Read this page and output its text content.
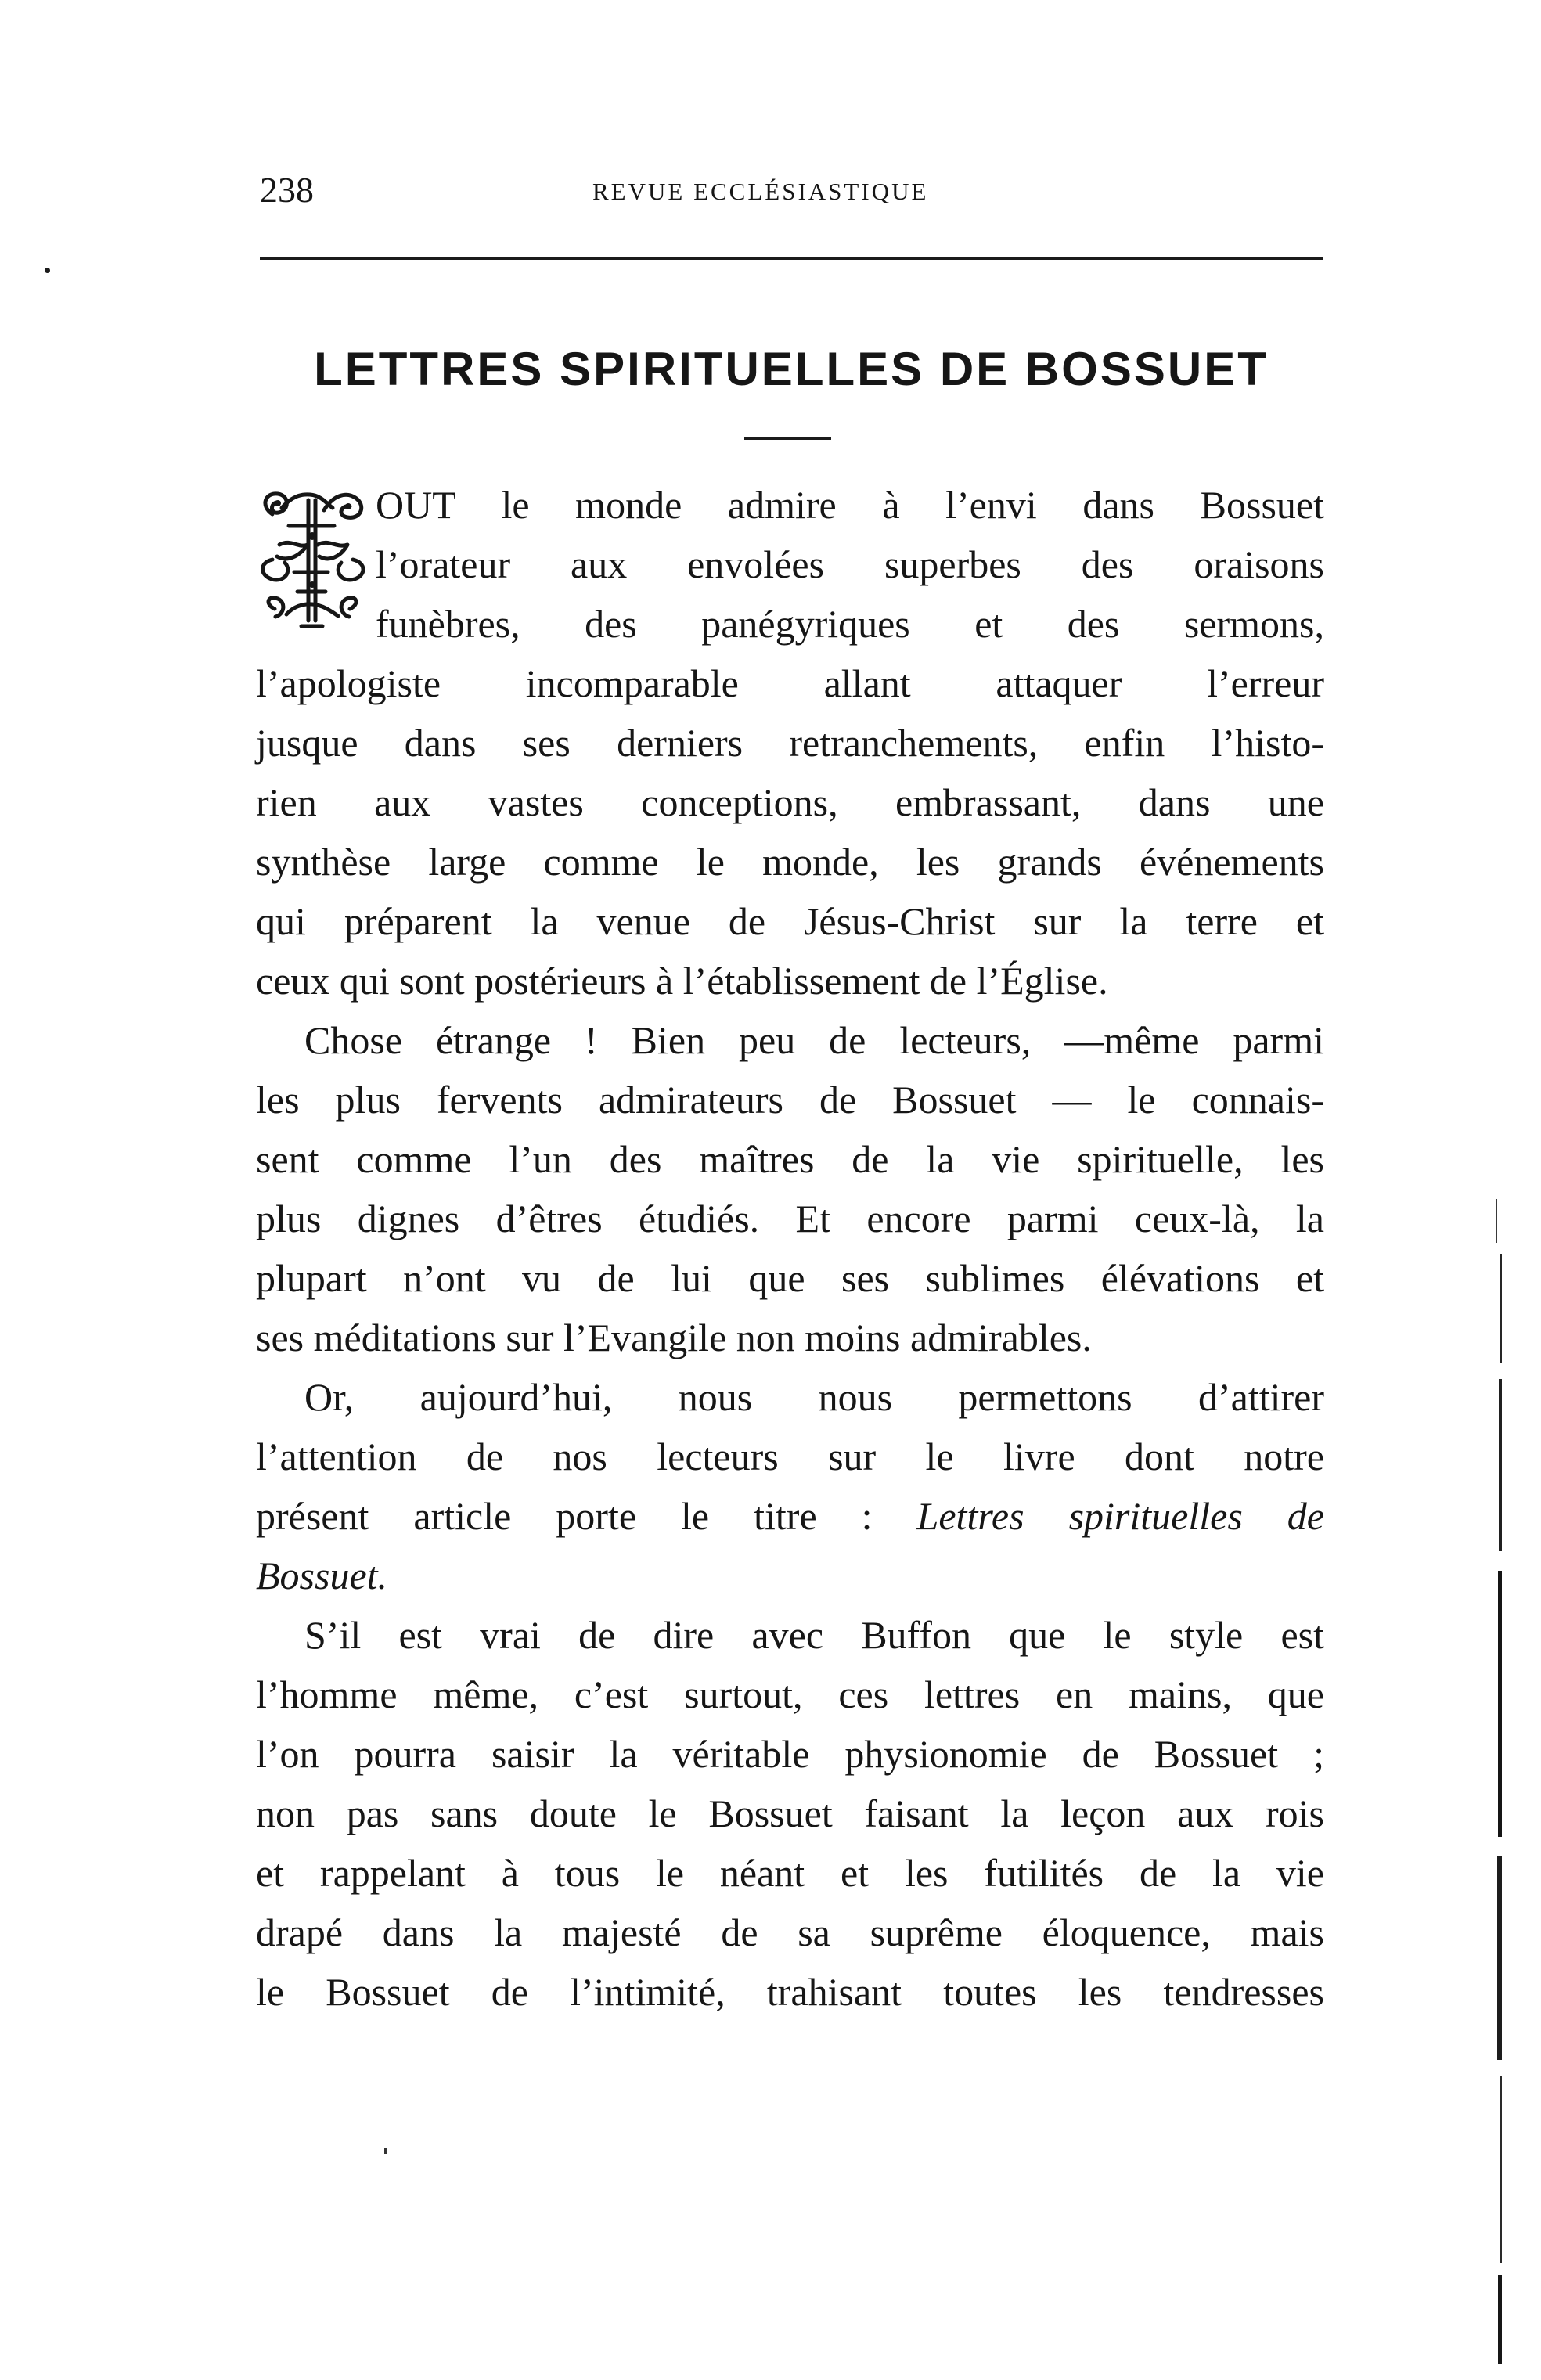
238	REVUE ECCLÉSIASTIQUE
LETTRES SPIRITUELLES DE BOSSUET
OUT le monde admire à l’envi dans Bossuet
l’orateur aux envolées superbes des oraisons
funèbres, des panégyriques et des sermons,
l’apologiste incomparable allant attaquer l’erreur
jusque dans ses derniers retranchements, enfin l’histo-
rien aux vastes conceptions, embrassant, dans une
synthèse large comme le monde, les grands événements
qui préparent la venue de Jésus-Christ sur la terre et
ceux qui sont postérieurs à l’établissement de l’Église.
Chose étrange ! Bien peu de lecteurs, —même parmi
les plus fervents admirateurs de Bossuet — le connais-
sent comme l’un des maîtres de la vie spirituelle, les
plus dignes d’êtres étudiés. Et encore parmi ceux-là, la
plupart n’ont vu de lui que ses sublimes élévations et
ses méditations sur l’Evangile non moins admirables.
Or, aujourd’hui, nous nous permettons d’attirer
l’attention de nos lecteurs sur le livre dont notre
présent article porte le titre : Lettres spirituelles de
Bossuet.
S’il est vrai de dire avec Buffon que le style est
l’homme même, c’est surtout, ces lettres en mains, que
l’on pourra saisir la véritable physionomie de Bossuet ;
non pas sans doute le Bossuet faisant la leçon aux rois
et rappelant à tous le néant et les futilités de la vie
drapé dans la majesté de sa suprême éloquence, mais
le Bossuet de l’intimité, trahisant toutes les tendresses
